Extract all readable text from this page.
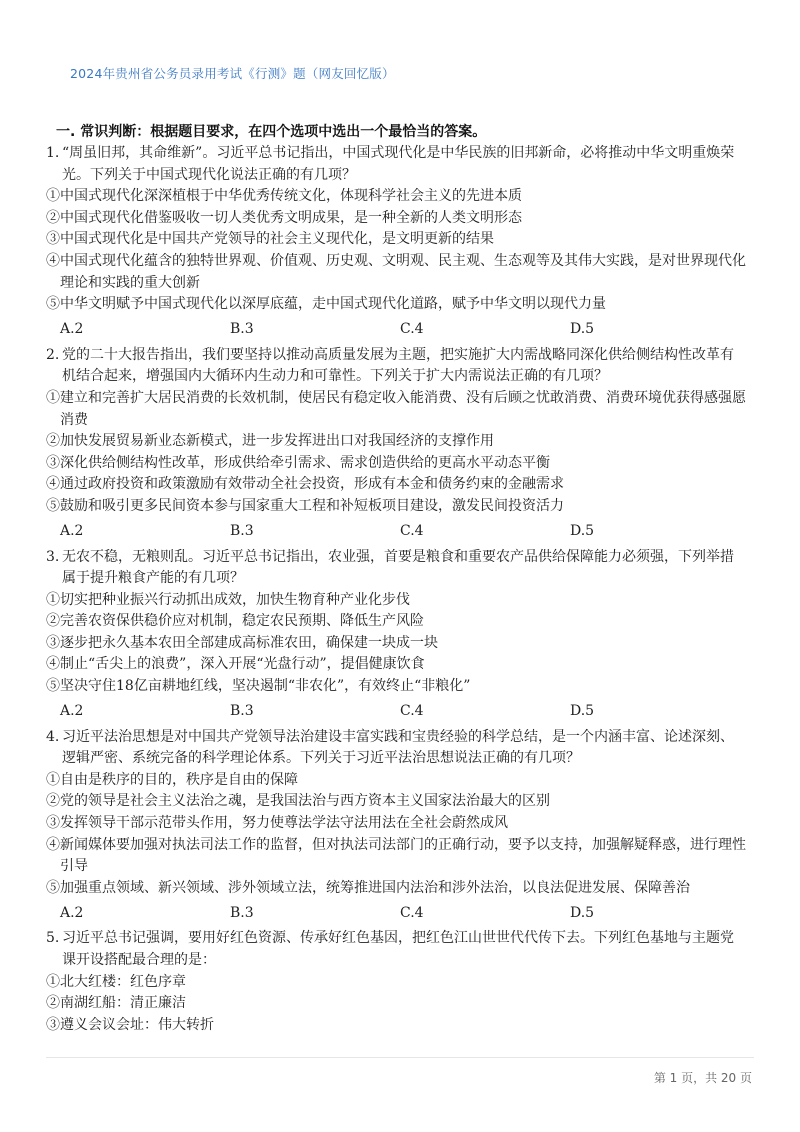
2024年贵州省公务员录用考试《行测》题（网友回忆版）
一. 常识判断：根据题目要求，在四个选项中选出一个最恰当的答案。
1. “周虽旧邦，其命维新”。习近平总书记指出，中国式现代化是中华民族的旧邦新命，必将推动中华文明重焕荣光。下列关于中国式现代化说法正确的有几项？
①中国式现代化深深植根于中华优秀传统文化，体现科学社会主义的先进本质
②中国式现代化借鉴吸收一切人类优秀文明成果，是一种全新的人类文明形态
③中国式现代化是中国共产党领导的社会主义现代化，是文明更新的结果
④中国式现代化蕴含的独特世界观、价值观、历史观、文明观、民主观、生态观等及其伟大实践，是对世界现代化理论和实践的重大创新
⑤中华文明赋予中国式现代化以深厚底蕴，走中国式现代化道路，赋予中华文明以现代力量
A.2	B.3	C.4	D.5
2. 党的二十大报告指出，我们要坚持以推动高质量发展为主题，把实施扩大内需战略同深化供给侧结构性改革有机结合起来，增强国内大循环内生动力和可靠性。下列关于扩大内需说法正确的有几项？
①建立和完善扩大居民消费的长效机制，使居民有稳定收入能消费、没有后顾之忧敢消费、消费环境优获得感强愿消费
②加快发展贸易新业态新模式，进一步发挥进出口对我国经济的支撑作用
③深化供给侧结构性改革，形成供给牵引需求、需求创造供给的更高水平动态平衡
④通过政府投资和政策激励有效带动全社会投资，形成有本金和债务约束的金融需求
⑤鼓励和吸引更多民间资本参与国家重大工程和补短板项目建设，激发民间投资活力
A.2	B.3	C.4	D.5
3. 无农不稳，无粮则乱。习近平总书记指出，农业强，首要是粮食和重要农产品供给保障能力必须强，下列举措属于提升粮食产能的有几项？
①切实把种业振兴行动抓出成效，加快生物育种产业化步伐
②完善农资保供稳价应对机制，稳定农民预期、降低生产风险
③逐步把永久基本农田全部建成高标准农田，确保建一块成一块
④制止“舌尖上的浪费”，深入开展“光盘行动”，提倡健康饮食
⑤坚决守住18亿亩耕地红线，坚决遏制“非农化”，有效终止“非粮化”
A.2	B.3	C.4	D.5
4. 习近平法治思想是对中国共产党领导法治建设丰富实践和宝贵经验的科学总结，是一个内涵丰富、论述深刻、逻辑严密、系统完备的科学理论体系。下列关于习近平法治思想说法正确的有几项？
①自由是秩序的目的，秩序是自由的保障
②党的领导是社会主义法治之魂，是我国法治与西方资本主义国家法治最大的区别
③发挥领导干部示范带头作用，努力使尊法学法守法用法在全社会蔚然成风
④新闻媒体要加强对执法司法工作的监督，但对执法司法部门的正确行动，要予以支持，加强解疑释惑，进行理性引导
⑤加强重点领域、新兴领域、涉外领域立法，统筹推进国内法治和涉外法治，以良法促进发展、保障善治
A.2	B.3	C.4	D.5
5. 习近平总书记强调，要用好红色资源、传承好红色基因，把红色江山世世代代传下去。下列红色基地与主题党课开设搭配最合理的是：
①北大红楼：红色序章
②南湖红船：清正廉洁
③遵义会议会址：伟大转折
第 1 页，共 20 页
